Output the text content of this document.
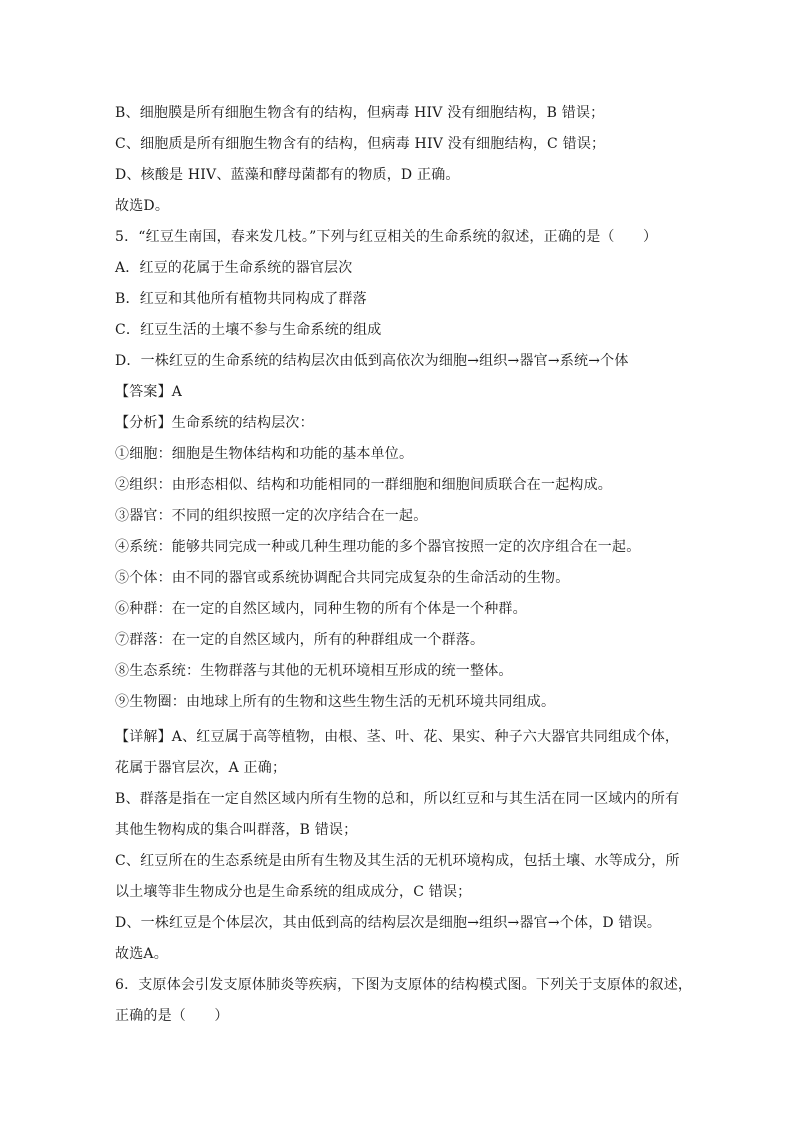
B、细胞膜是所有细胞生物含有的结构，但病毒 HIV 没有细胞结构，B 错误；
C、细胞质是所有细胞生物含有的结构，但病毒 HIV 没有细胞结构，C 错误；
D、核酸是 HIV、蓝藻和酵母菌都有的物质，D 正确。
故选D。
5．“红豆生南国，春来发几枝。”下列与红豆相关的生命系统的叙述，正确的是（　　）
A．红豆的花属于生命系统的器官层次
B．红豆和其他所有植物共同构成了群落
C．红豆生活的土壤不参与生命系统的组成
D．一株红豆的生命系统的结构层次由低到高依次为细胞→组织→器官→系统→个体
【答案】A
【分析】生命系统的结构层次：
①细胞：细胞是生物体结构和功能的基本单位。
②组织：由形态相似、结构和功能相同的一群细胞和细胞间质联合在一起构成。
③器官：不同的组织按照一定的次序结合在一起。
④系统：能够共同完成一种或几种生理功能的多个器官按照一定的次序组合在一起。
⑤个体：由不同的器官或系统协调配合共同完成复杂的生命活动的生物。
⑥种群：在一定的自然区域内，同种生物的所有个体是一个种群。
⑦群落：在一定的自然区域内，所有的种群组成一个群落。
⑧生态系统：生物群落与其他的无机环境相互形成的统一整体。
⑨生物圈：由地球上所有的生物和这些生物生活的无机环境共同组成。
【详解】A、红豆属于高等植物，由根、茎、叶、花、果实、种子六大器官共同组成个体，
花属于器官层次，A 正确；
B、群落是指在一定自然区域内所有生物的总和，所以红豆和与其生活在同一区域内的所有
其他生物构成的集合叫群落，B 错误；
C、红豆所在的生态系统是由所有生物及其生活的无机环境构成，包括土壤、水等成分，所
以土壤等非生物成分也是生命系统的组成成分，C 错误；
D、一株红豆是个体层次，其由低到高的结构层次是细胞→组织→器官→个体，D 错误。
故选A。
6．支原体会引发支原体肺炎等疾病，下图为支原体的结构模式图。下列关于支原体的叙述，
正确的是（　　）
